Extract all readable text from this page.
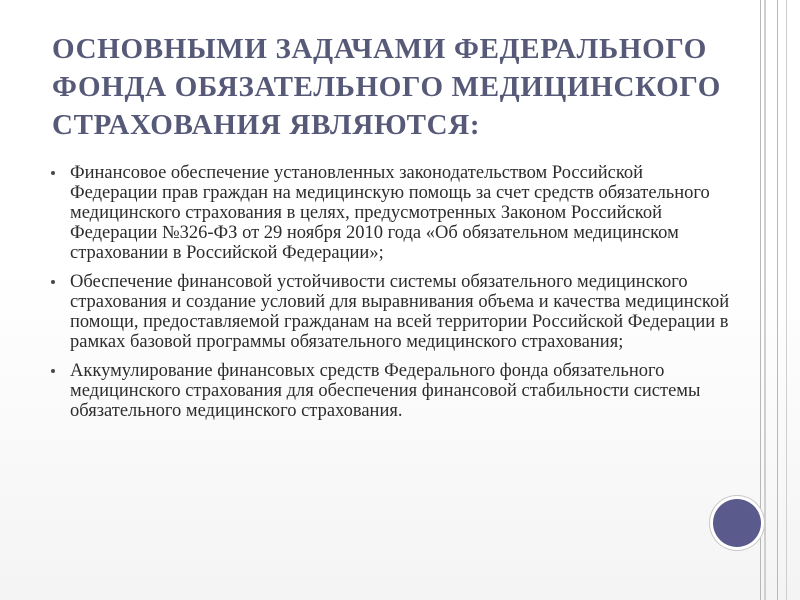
ОСНОВНЫМИ ЗАДАЧАМИ ФЕДЕРАЛЬНОГО ФОНДА ОБЯЗАТЕЛЬНОГО МЕДИЦИНСКОГО СТРАХОВАНИЯ ЯВЛЯЮТСЯ:
Финансовое обеспечение установленных законодательством Российской Федерации прав граждан на медицинскую помощь за счет средств обязательного медицинского страхования в целях, предусмотренных Законом Российской Федерации №326-ФЗ от 29 ноября 2010 года «Об обязательном медицинском страховании в Российской Федерации»;
Обеспечение финансовой устойчивости системы обязательного медицинского страхования и создание условий для выравнивания объема и качества медицинской помощи, предоставляемой гражданам на всей территории Российской Федерации в рамках базовой программы обязательного медицинского страхования;
Аккумулирование финансовых средств Федерального фонда обязательного медицинского страхования для обеспечения финансовой стабильности системы обязательного медицинского страхования.
